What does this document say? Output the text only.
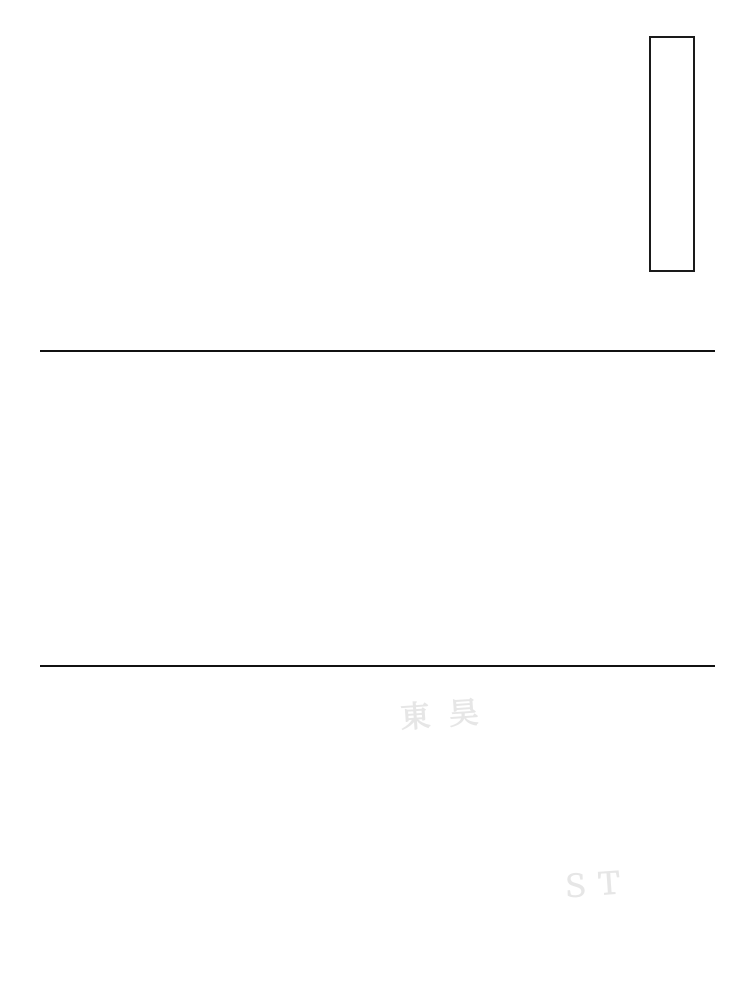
東 昊
ＳＴ
